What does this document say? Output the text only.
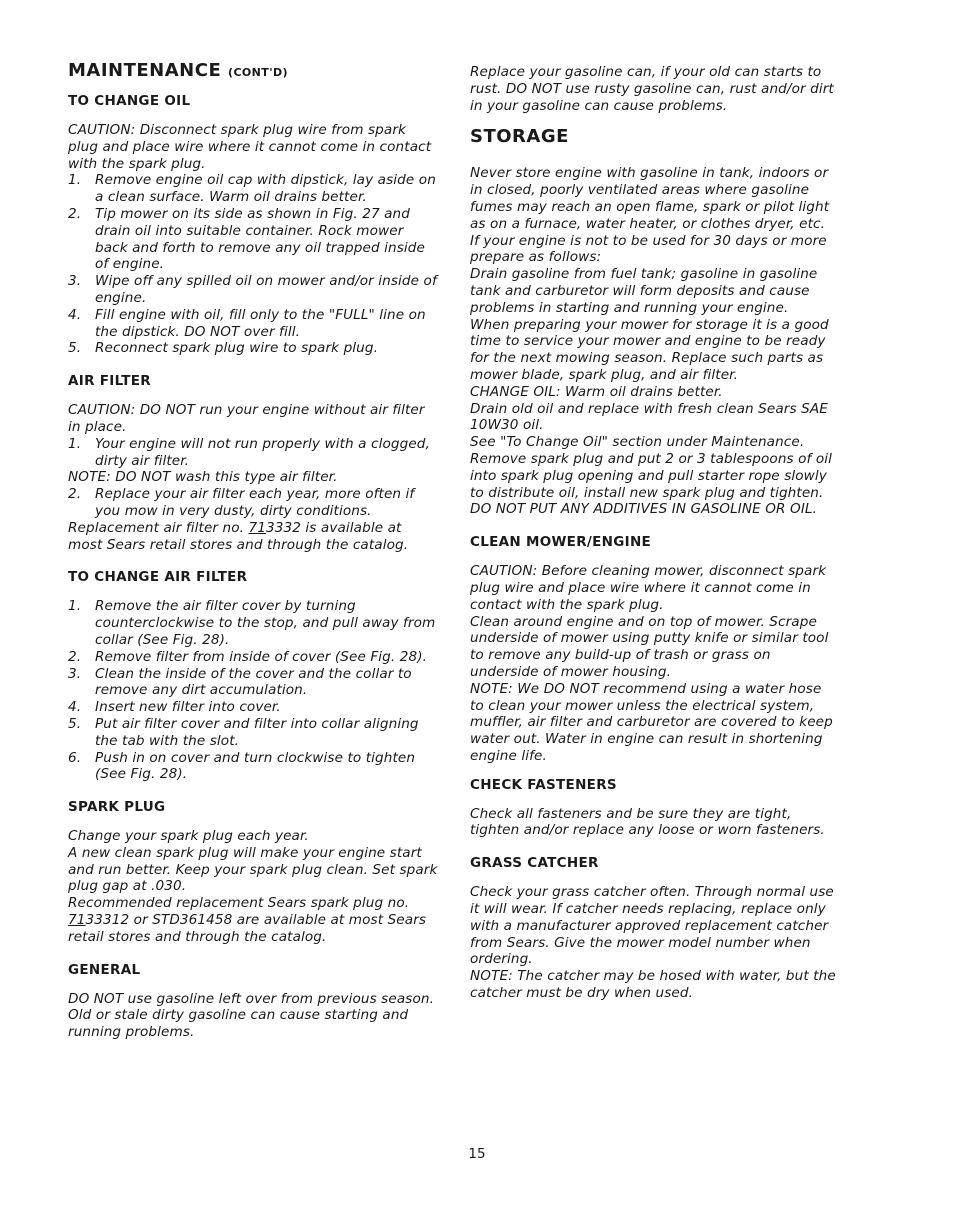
MAINTENANCE (CONT'D)
TO CHANGE OIL

CAUTION: Disconnect spark plug wire from spark plug and place wire where it cannot come in contact with the spark plug.

1.	Remove engine oil cap with dipstick, lay aside on a clean surface. Warm oil drains better.
2.	Tip mower on its side as shown in Fig. 27 and drain oil into suitable container. Rock mower back and forth to remove any oil trapped inside of engine.
3.	Wipe off any spilled oil on mower and/or inside of engine.
4.	Fill engine with oil, fill only to the "FULL" line on the dipstick. DO NOT over fill.
5.	Reconnect spark plug wire to spark plug.
AIR FILTER

CAUTION: DO NOT run your engine without air filter in place.

1.	Your engine will not run properly with a clogged, dirty air filter.

NOTE: DO NOT wash this type air filter.

2.	Replace your air filter each year, more often if you mow in very dusty, dirty conditions.

Replacement air filter no. 713332 is available at most Sears retail stores and through the catalog.

TO CHANGE AIR FILTER
1.	Remove the air filter cover by turning counterclockwise to the stop, and pull away from collar (See Fig. 28).
2.	Remove filter from inside of cover (See Fig. 28).
3.	Clean the inside of the cover and the collar to remove any dirt accumulation.
4.	Insert new filter into cover.
5.	Put air filter cover and filter into collar aligning the tab with the slot.
6.	Push in on cover and turn clockwise to tighten (See Fig. 28).
SPARK PLUG

Change your spark plug each year.

A new clean spark plug will make your engine start and run better. Keep your spark plug clean. Set spark plug gap at .030.

Recommended replacement Sears spark plug no. 7133312 or STD361458 are available at most Sears retail stores and through the catalog.

GENERAL

DO NOT use gasoline left over from previous season. Old or stale dirty gasoline can cause starting and running problems.

Replace your gasoline can, if your old can starts to rust. DO NOT use rusty gasoline can, rust and/or dirt in your gasoline can cause problems.

STORAGE

Never store engine with gasoline in tank, indoors or in closed, poorly ventilated areas where gasoline fumes may reach an open flame, spark or pilot light as on a furnace, water heater, or clothes dryer, etc.

If your engine is not to be used for 30 days or more prepare as follows:

Drain gasoline from fuel tank; gasoline in gasoline tank and carburetor will form deposits and cause problems in starting and running your engine.

When preparing your mower for storage it is a good time to service your mower and engine to be ready for the next mowing season. Replace such parts as mower blade, spark plug, and air filter.

CHANGE OIL: Warm oil drains better.

Drain old oil and replace with fresh clean Sears SAE 10W30 oil.

See "To Change Oil" section under Maintenance.

Remove spark plug and put 2 or 3 tablespoons of oil into spark plug opening and pull starter rope slowly to distribute oil, install new spark plug and tighten.

DO NOT PUT ANY ADDITIVES IN GASOLINE OR OIL.

CLEAN MOWER/ENGINE

CAUTION: Before cleaning mower, disconnect spark plug wire and place wire where it cannot come in contact with the spark plug.

Clean around engine and on top of mower. Scrape underside of mower using putty knife or similar tool to remove any build-up of trash or grass on underside of mower housing.

NOTE: We DO NOT recommend using a water hose to clean your mower unless the electrical system, muffler, air filter and carburetor are covered to keep water out. Water in engine can result in shortening engine life.

CHECK FASTENERS

Check all fasteners and be sure they are tight, tighten and/or replace any loose or worn fasteners.

GRASS CATCHER

Check your grass catcher often. Through normal use it will wear. If catcher needs replacing, replace only with a manufacturer approved replacement catcher from Sears. Give the mower model number when ordering.

NOTE: The catcher may be hosed with water, but the catcher must be dry when used.

15
